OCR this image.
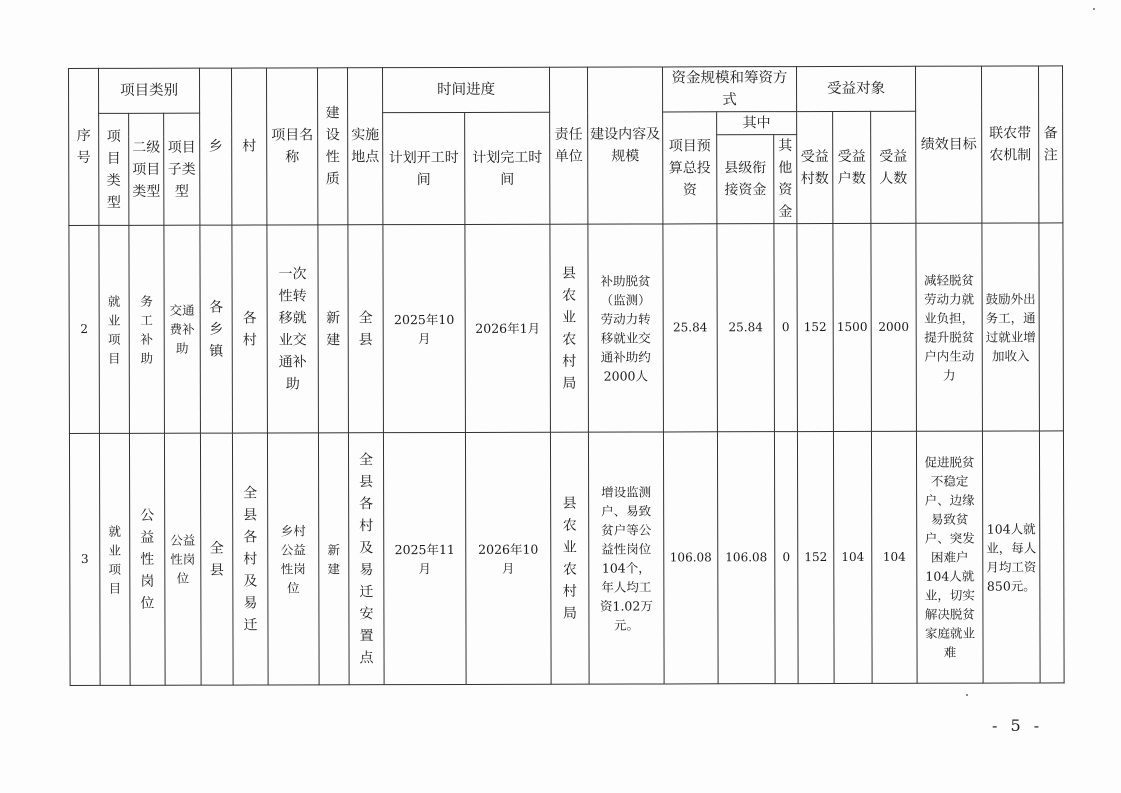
序号	项目类别			乡	村	项目名称	建设性质	实施地点	时间进度		责任单位	建设内容及规模	资金规模和筹资方式			受益对象			绩效目标	联农带农机制	备注

	项目类型	二级项目类型	项目子类型						计划开工时间	计划完工时间			项目预算总投资	其中		受益村数	受益户数	受益人数			

														县级衔接资金	其他资金						

2	就业项目	务工补助	交通费补助	各乡镇	各村	一次性转移就业交通补助	新建	全县	2025年10月	2026年1月	县农业农村局	补助脱贫（监测）劳动力转移就业交通补助约2000人	25.84	25.84	0	152	1500	2000	减轻脱贫劳动力就业负担，提升脱贫户内生动力	鼓励外出务工，通过就业增加收入	

3	就业项目	公益性岗位	公益性岗位	全县	全县各村及易迁	乡村公益性岗位	新建	全县各村及易迁安置点	2025年11月	2026年10月	县农业农村局	增设监测户、易致贫户等公益性岗位104个，年人均工资1.02万元。	106.08	106.08	0	152	104	104	促进脱贫不稳定户、边缘易致贫户、突发困难户104人就业，切实解决脱贫家庭就业难	104人就业，每人月均工资850元。	

- 5 -
